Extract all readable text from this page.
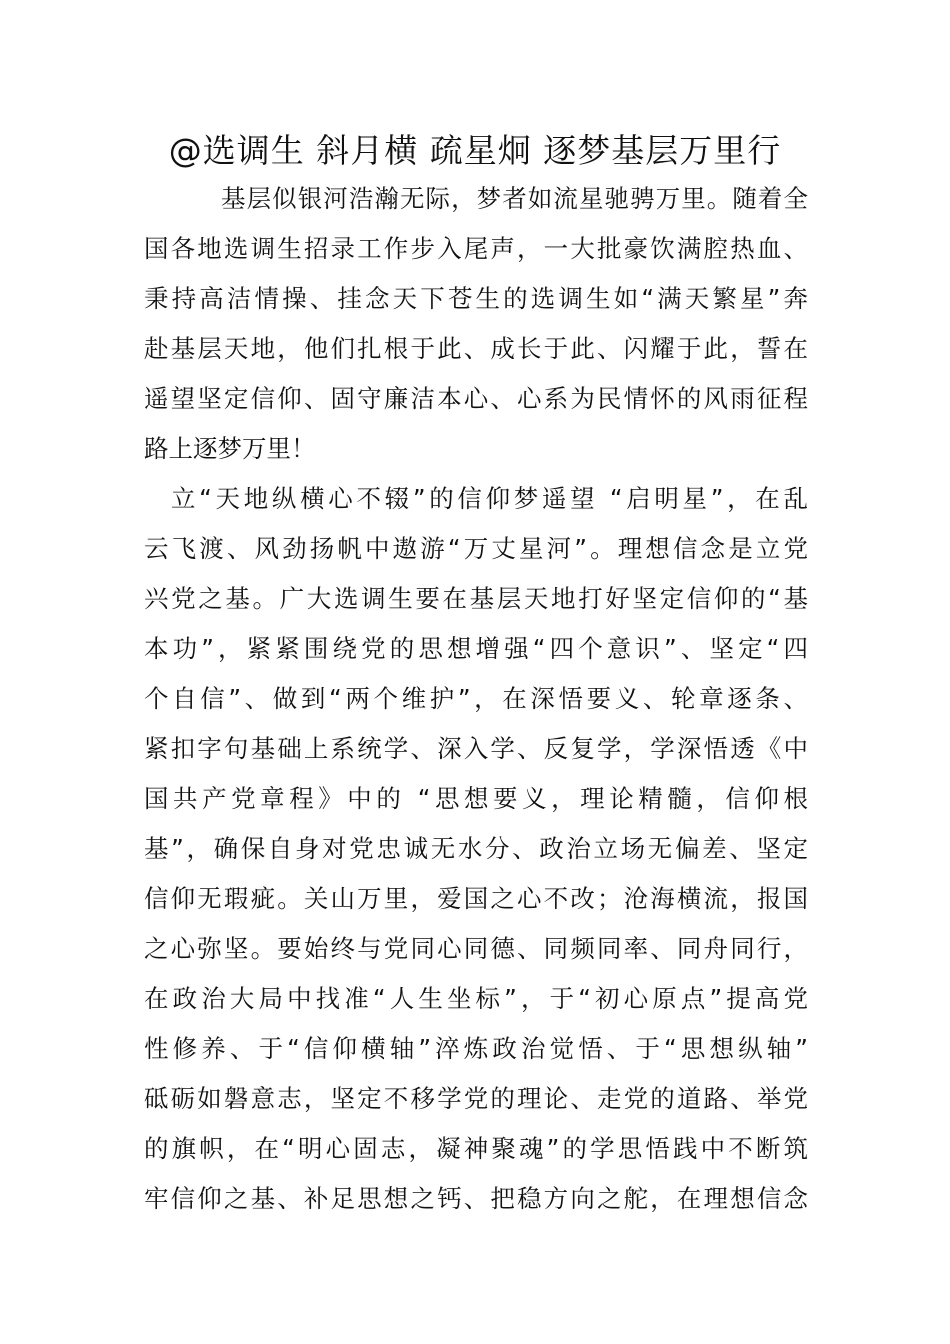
@选调生 斜月横 疏星炯 逐梦基层万里行
基层似银河浩瀚无际，梦者如流星驰骋万里。随着全
国各地选调生招录工作步入尾声，一大批豪饮满腔热血、
秉持高洁情操、挂念天下苍生的选调生如“满天繁星”奔
赴基层天地，他们扎根于此、成长于此、闪耀于此，誓在
遥望坚定信仰、固守廉洁本心、心系为民情怀的风雨征程
路上逐梦万里！
立“天地纵横心不辍”的信仰梦遥望 “启明星”，在乱
云飞渡、风劲扬帆中遨游“万丈星河”。理想信念是立党
兴党之基。广大选调生要在基层天地打好坚定信仰的“基
本功”，紧紧围绕党的思想增强“四个意识”、坚定“四
个自信”、做到“两个维护”，在深悟要义、轮章逐条、
紧扣字句基础上系统学、深入学、反复学，学深悟透《中
国共产党章程》中的 “思想要义，理论精髓，信仰根
基”，确保自身对党忠诚无水分、政治立场无偏差、坚定
信仰无瑕疵。关山万里，爱国之心不改；沧海横流，报国
之心弥坚。要始终与党同心同德、同频同率、同舟同行，
在政治大局中找准“人生坐标”，于“初心原点”提高党
性修养、于“信仰横轴”淬炼政治觉悟、于“思想纵轴”
砥砺如磐意志，坚定不移学党的理论、走党的道路、举党
的旗帜，在“明心固志，凝神聚魂”的学思悟践中不断筑
牢信仰之基、补足思想之钙、把稳方向之舵，在理想信念
